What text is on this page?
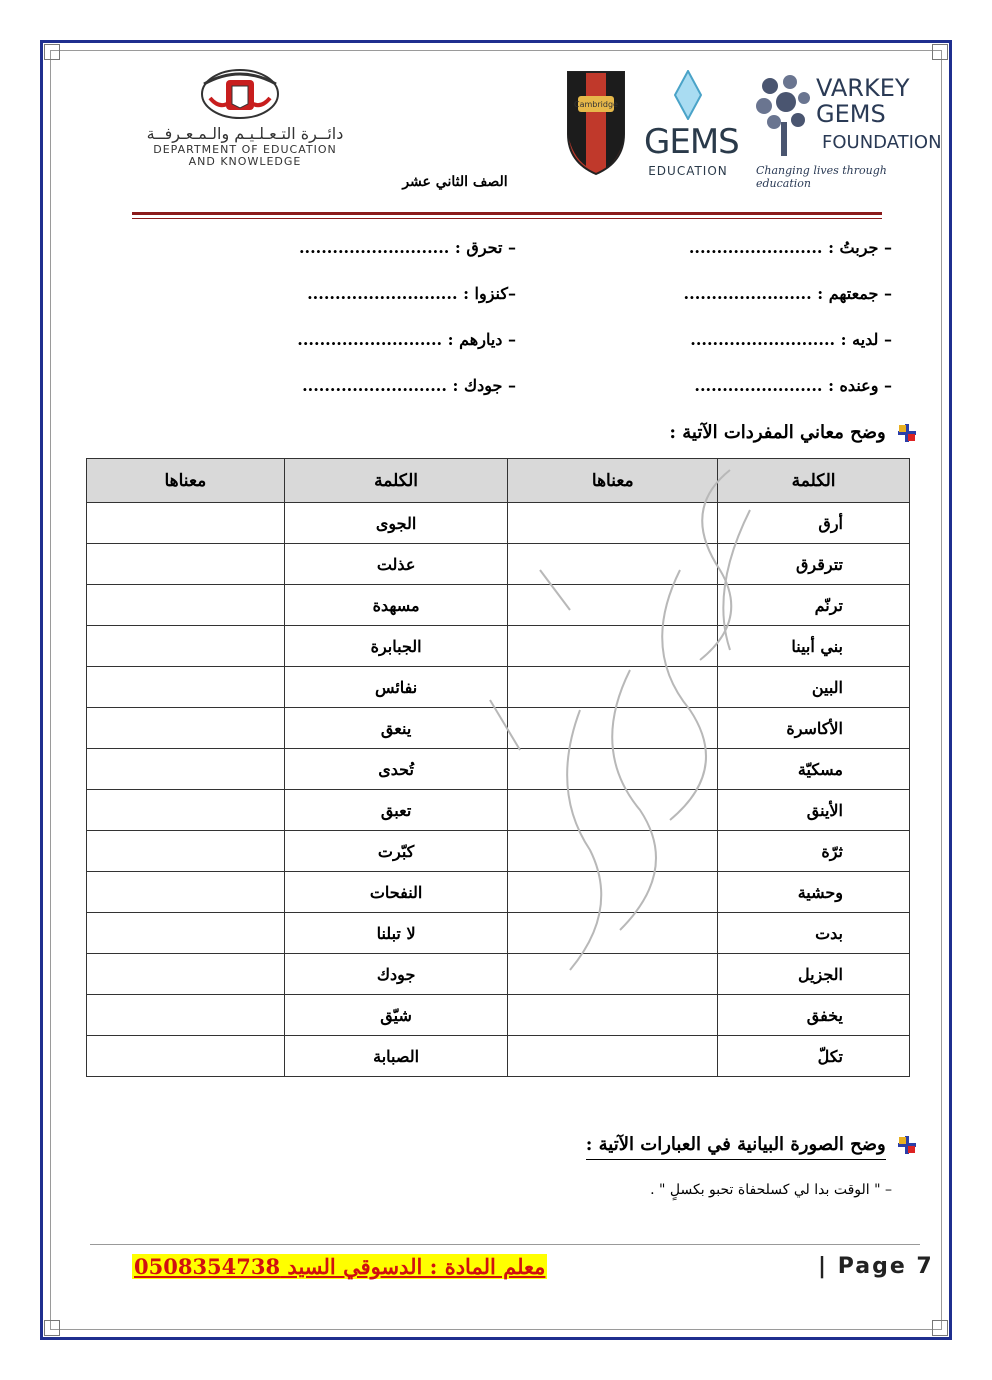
دائــرة التـعـلـيـم والـمـعـرفــة
DEPARTMENT OF EDUCATION
AND KNOWLEDGE
Cambridge
GEMS
EDUCATION
VARKEY
GEMS
FOUNDATION
Changing lives through education
الصف الثاني عشر
– جربتُ : ........................
– جمعتهم : .......................
– لديه : ..........................
– وعنده : .......................
– تحرق : ...........................
–كنزوا : ...........................
– ديارهم : ..........................
– جودك : ..........................
وضح معاني المفردات الآتية :
الكلمة	معناها	الكلمة	معناها
أرق		الجوى	
تترقرق		عذلت	
ترنّم		مسهدة	
بني أبينا		الجبابرة	
البين		نفائس	
الأكاسرة		ينعق	
مسكيّة		تُحدى	
الأينق		تعبق	
ثرّة		كبّرت	
وحشية		النفحات	
بدت		لا تبلنا	
الجزيل		جودك	
يخفق		شيّق	
تكلّ		الصبابة	
وضح الصورة البيانية في العبارات الآتية :
– " الوقت بدا لي كسلحفاة تحبو بكسلٍ " .
معلم المادة : الدسوقي السيد 0508354738	| Page 7
